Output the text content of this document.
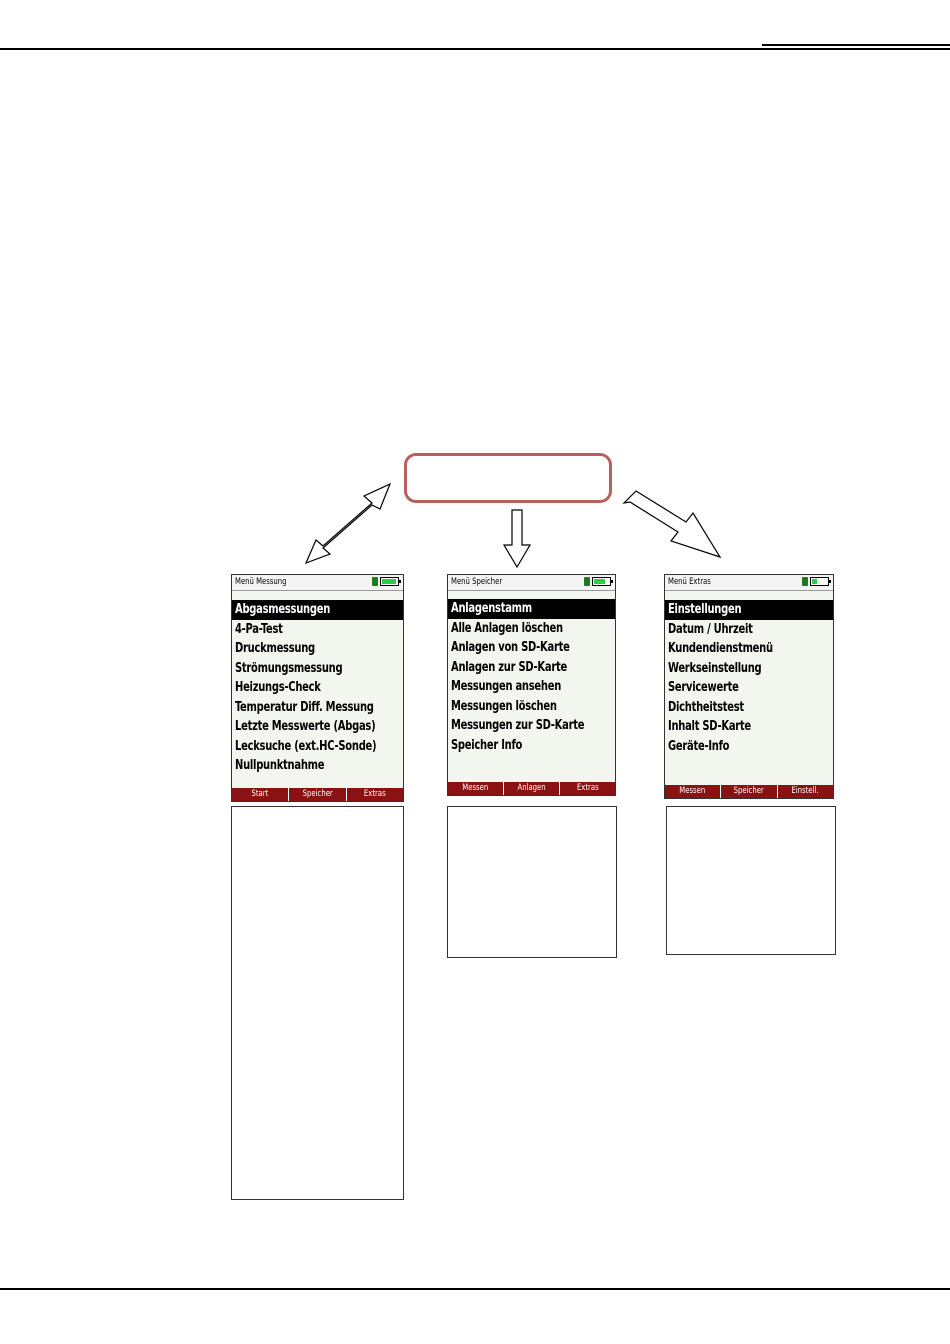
Menü Messung
Abgasmessungen
4-Pa-Test
Druckmessung
Strömungsmessung
Heizungs-Check
Temperatur Diff. Messung
Letzte Messwerte (Abgas)
Lecksuche (ext.HC-Sonde)
Nullpunktnahme
Start	Speicher	Extras
Menü Speicher
Anlagenstamm
Alle Anlagen löschen
Anlagen von SD-Karte
Anlagen zur SD-Karte
Messungen ansehen
Messungen löschen
Messungen zur SD-Karte
Speicher Info
Messen	Anlagen	Extras
Menü Extras
Einstellungen
Datum / Uhrzeit
Kundendienstmenü
Werkseinstellung
Servicewerte
Dichtheitstest
Inhalt SD-Karte
Geräte-Info
Messen	Speicher	Einstell.
